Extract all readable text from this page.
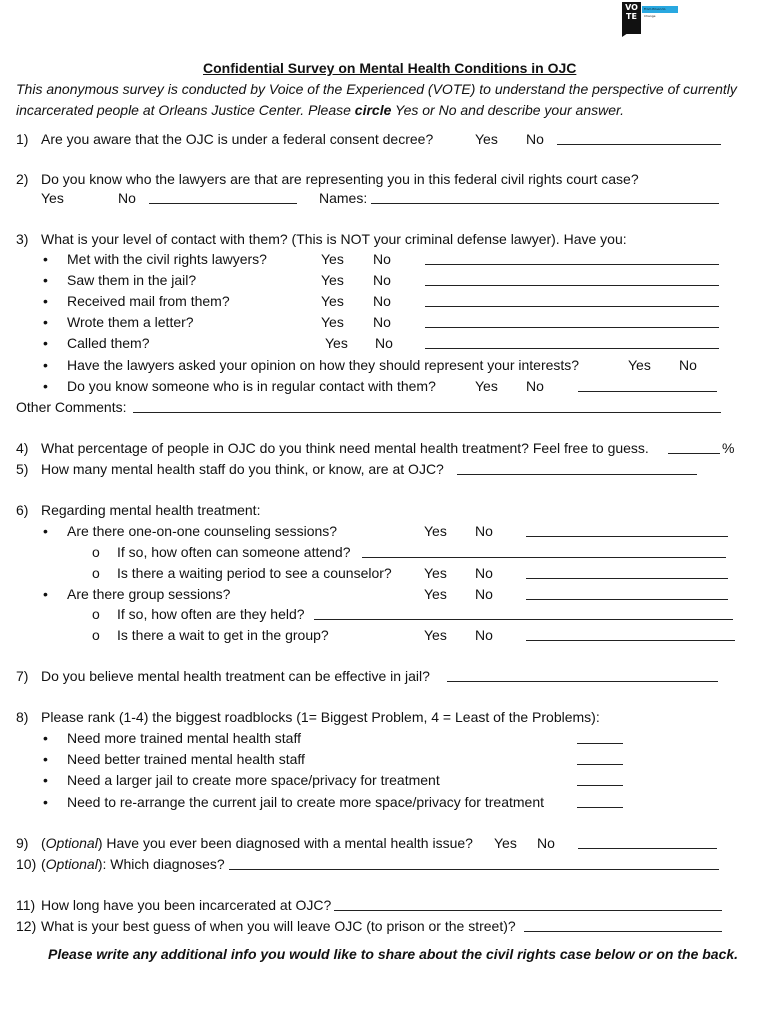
VO TE
From Prison to Change
Confidential Survey on Mental Health Conditions in OJC
This anonymous survey is conducted by Voice of the Experienced (VOTE) to understand the perspective of currently
incarcerated people at Orleans Justice Center. Please circle Yes or No and describe your answer.
1) Are you aware that the OJC is under a federal consent decree?	Yes No
2) Do you know who the lawyers are that are representing you in this federal civil rights court case?
Yes	No	Names:
3) What is your level of contact with them? (This is NOT your criminal defense lawyer). Have you:
• Met with the civil rights lawyers?	Yes No
• Saw them in the jail?	Yes No
• Received mail from them?	Yes No
• Wrote them a letter?	Yes No
• Called them?	Yes No
• Have the lawyers asked your opinion on how they should represent your interests?	Yes No
• Do you know someone who is in regular contact with them?	Yes No
Other Comments:
4) What percentage of people in OJC do you think need mental health treatment? Feel free to guess.	%
5) How many mental health staff do you think, or know, are at OJC?
6) Regarding mental health treatment:
• Are there one-on-one counseling sessions?	Yes No
o If so, how often can someone attend?
o Is there a waiting period to see a counselor? Yes No
• Are there group sessions?	Yes No
o If so, how often are they held?
o Is there a wait to get in the group?	Yes No
7) Do you believe mental health treatment can be effective in jail?
8) Please rank (1-4) the biggest roadblocks (1= Biggest Problem, 4 = Least of the Problems):
• Need more trained mental health staff
• Need better trained mental health staff
• Need a larger jail to create more space/privacy for treatment
• Need to re-arrange the current jail to create more space/privacy for treatment
9) (Optional) Have you ever been diagnosed with a mental health issue? Yes No
10) (Optional): Which diagnoses?
11) How long have you been incarcerated at OJC?
12) What is your best guess of when you will leave OJC (to prison or the street)?
Please write any additional info you would like to share about the civil rights case below or on the back.
